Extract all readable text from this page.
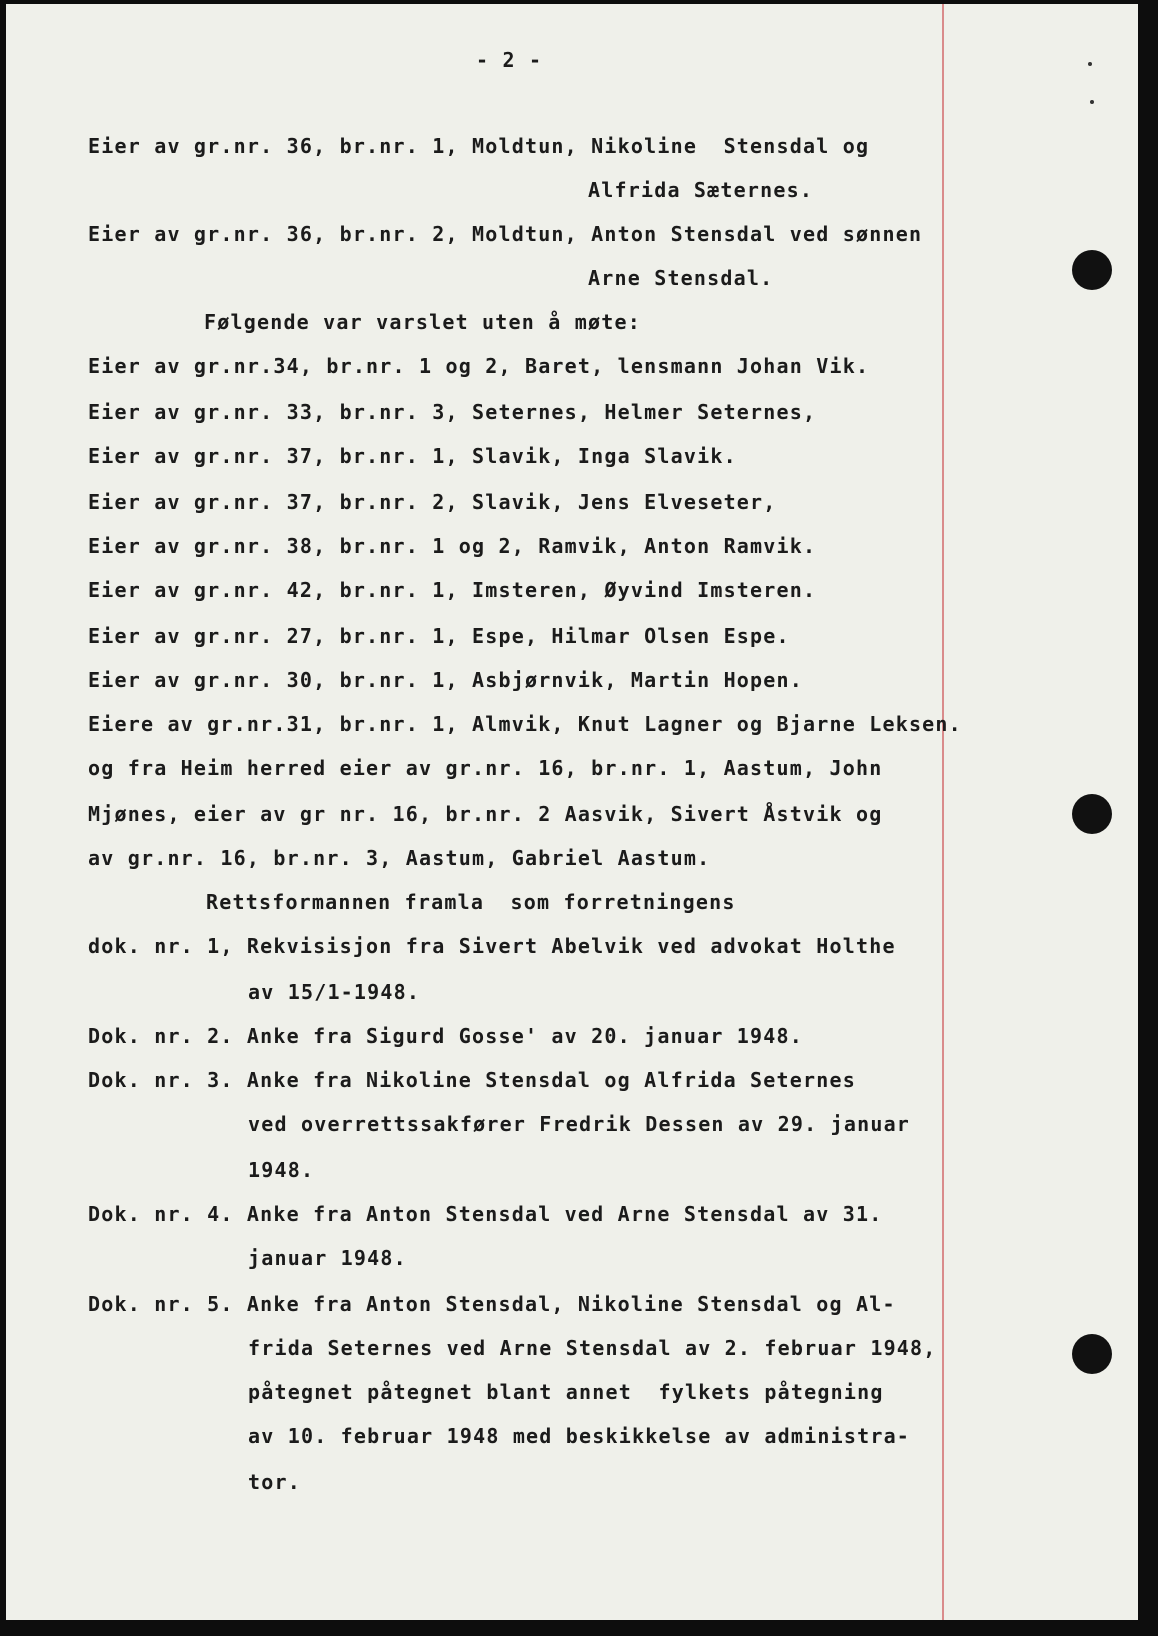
- 2 -
Eier av gr.nr. 36, br.nr. 1, Moldtun, Nikoline  Stensdal og
Alfrida Sæternes.
Eier av gr.nr. 36, br.nr. 2, Moldtun, Anton Stensdal ved sønnen
Arne Stensdal.
Følgende var varslet uten å møte:
Eier av gr.nr.34, br.nr. 1 og 2, Baret, lensmann Johan Vik.
Eier av gr.nr. 33, br.nr. 3, Seternes, Helmer Seternes,
Eier av gr.nr. 37, br.nr. 1, Slavik, Inga Slavik.
Eier av gr.nr. 37, br.nr. 2, Slavik, Jens Elveseter,
Eier av gr.nr. 38, br.nr. 1 og 2, Ramvik, Anton Ramvik.
Eier av gr.nr. 42, br.nr. 1, Imsteren, Øyvind Imsteren.
Eier av gr.nr. 27, br.nr. 1, Espe, Hilmar Olsen Espe.
Eier av gr.nr. 30, br.nr. 1, Asbjørnvik, Martin Hopen.
Eiere av gr.nr.31, br.nr. 1, Almvik, Knut Lagner og Bjarne Leksen.
og fra Heim herred eier av gr.nr. 16, br.nr. 1, Aastum, John
Mjønes, eier av gr nr. 16, br.nr. 2 Aasvik, Sivert Åstvik og
av gr.nr. 16, br.nr. 3, Aastum, Gabriel Aastum.
Rettsformannen framla  som forretningens
dok. nr. 1, Rekvisisjon fra Sivert Abelvik ved advokat Holthe
av 15/1-1948.
Dok. nr. 2. Anke fra Sigurd Gosse' av 20. januar 1948.
Dok. nr. 3. Anke fra Nikoline Stensdal og Alfrida Seternes
ved overrettssakfører Fredrik Dessen av 29. januar
1948.
Dok. nr. 4. Anke fra Anton Stensdal ved Arne Stensdal av 31.
januar 1948.
Dok. nr. 5. Anke fra Anton Stensdal, Nikoline Stensdal og Al-
frida Seternes ved Arne Stensdal av 2. februar 1948,
påtegnet påtegnet blant annet  fylkets påtegning
av 10. februar 1948 med beskikkelse av administra-
tor.
